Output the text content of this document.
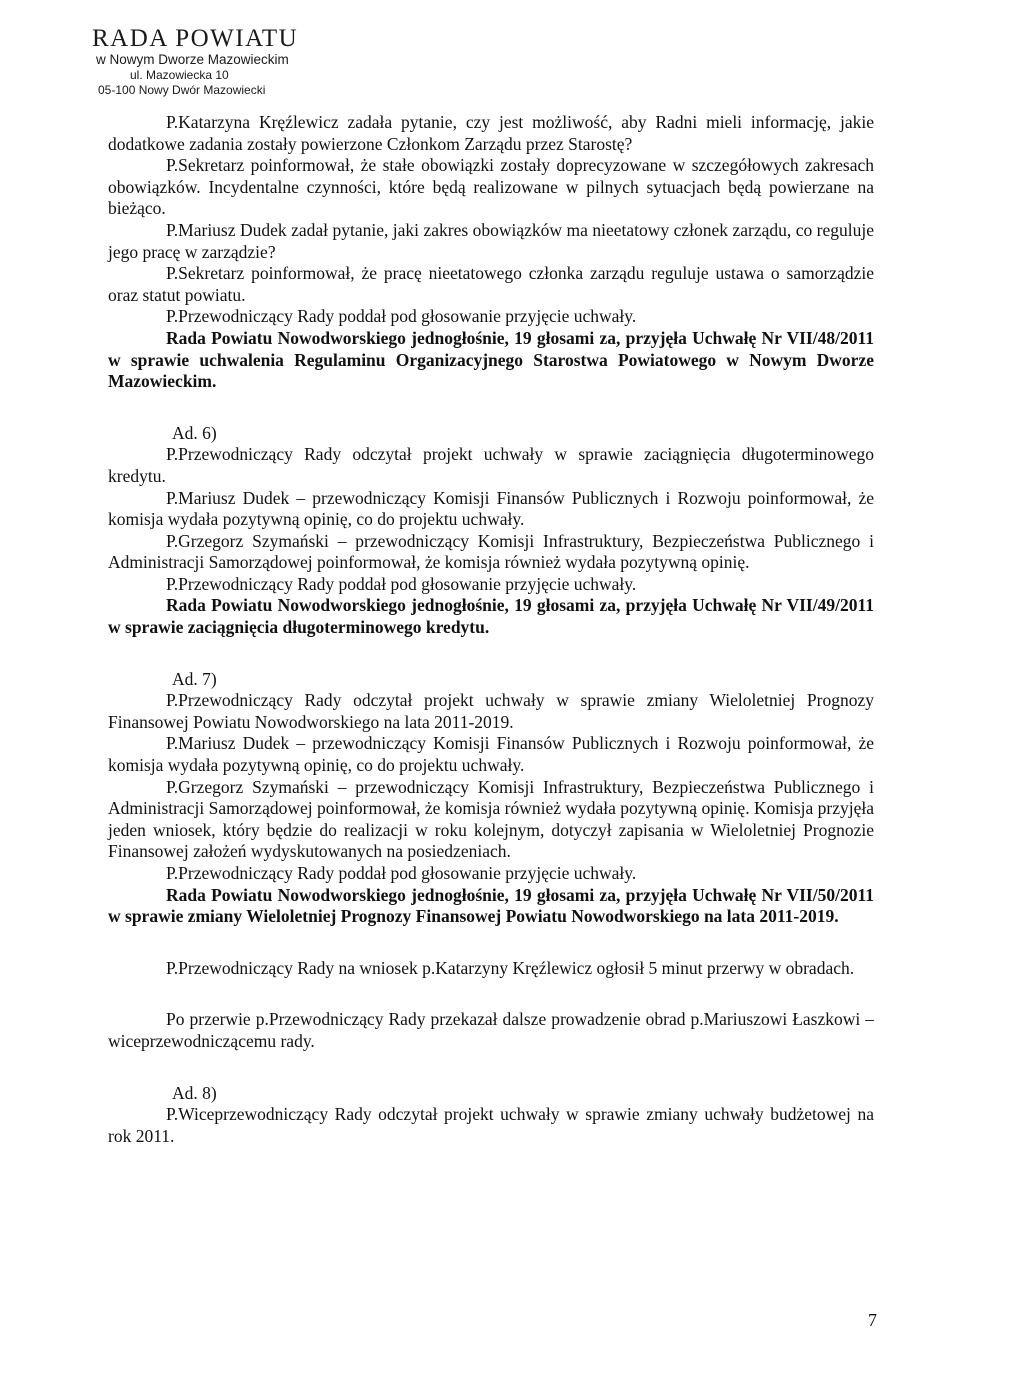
RADA POWIATU
w Nowym Dworze Mazowieckim
ul. Mazowiecka 10
05-100 Nowy Dwór Mazowiecki

P.Katarzyna Kręźlewicz zadała pytanie, czy jest możliwość, aby Radni mieli informację, jakie dodatkowe zadania zostały powierzone Członkom Zarządu przez Starostę?

P.Sekretarz poinformował, że stałe obowiązki zostały doprecyzowane w szczegółowych zakresach obowiązków. Incydentalne czynności, które będą realizowane w pilnych sytuacjach będą powierzane na bieżąco.

P.Mariusz Dudek zadał pytanie, jaki zakres obowiązków ma nieetatowy członek zarządu, co reguluje jego pracę w zarządzie?

P.Sekretarz poinformował, że pracę nieetatowego członka zarządu reguluje ustawa o samorządzie oraz statut powiatu.

P.Przewodniczący Rady poddał pod głosowanie przyjęcie uchwały.

Rada Powiatu Nowodworskiego jednogłośnie, 19 głosami za, przyjęła Uchwałę Nr VII/48/2011 w sprawie uchwalenia Regulaminu Organizacyjnego Starostwa Powiatowego w Nowym Dworze Mazowieckim.

Ad. 6)

P.Przewodniczący Rady odczytał projekt uchwały w sprawie zaciągnięcia długoterminowego kredytu.

P.Mariusz Dudek – przewodniczący Komisji Finansów Publicznych i Rozwoju poinformował, że komisja wydała pozytywną opinię, co do projektu uchwały.

P.Grzegorz Szymański – przewodniczący Komisji Infrastruktury, Bezpieczeństwa Publicznego i Administracji Samorządowej poinformował, że komisja również wydała pozytywną opinię.

P.Przewodniczący Rady poddał pod głosowanie przyjęcie uchwały.

Rada Powiatu Nowodworskiego jednogłośnie, 19 głosami za, przyjęła Uchwałę Nr VII/49/2011 w sprawie zaciągnięcia długoterminowego kredytu.

Ad. 7)

P.Przewodniczący Rady odczytał projekt uchwały w sprawie zmiany Wieloletniej Prognozy Finansowej Powiatu Nowodworskiego na lata 2011-2019.

P.Mariusz Dudek – przewodniczący Komisji Finansów Publicznych i Rozwoju poinformował, że komisja wydała pozytywną opinię, co do projektu uchwały.

P.Grzegorz Szymański – przewodniczący Komisji Infrastruktury, Bezpieczeństwa Publicznego i Administracji Samorządowej poinformował, że komisja również wydała pozytywną opinię. Komisja przyjęła jeden wniosek, który będzie do realizacji w roku kolejnym, dotyczył zapisania w Wieloletniej Prognozie Finansowej założeń wydyskutowanych na posiedzeniach.

P.Przewodniczący Rady poddał pod głosowanie przyjęcie uchwały.

Rada Powiatu Nowodworskiego jednogłośnie, 19 głosami za, przyjęła Uchwałę Nr VII/50/2011 w sprawie zmiany Wieloletniej Prognozy Finansowej Powiatu Nowodworskiego na lata 2011-2019.

P.Przewodniczący Rady na wniosek p.Katarzyny Kręźlewicz ogłosił 5 minut przerwy w obradach.

Po przerwie p.Przewodniczący Rady przekazał dalsze prowadzenie obrad p.Mariuszowi Łaszkowi – wiceprzewodniczącemu rady.

Ad. 8)

P.Wiceprzewodniczący Rady odczytał projekt uchwały w sprawie zmiany uchwały budżetowej na rok 2011.

7
